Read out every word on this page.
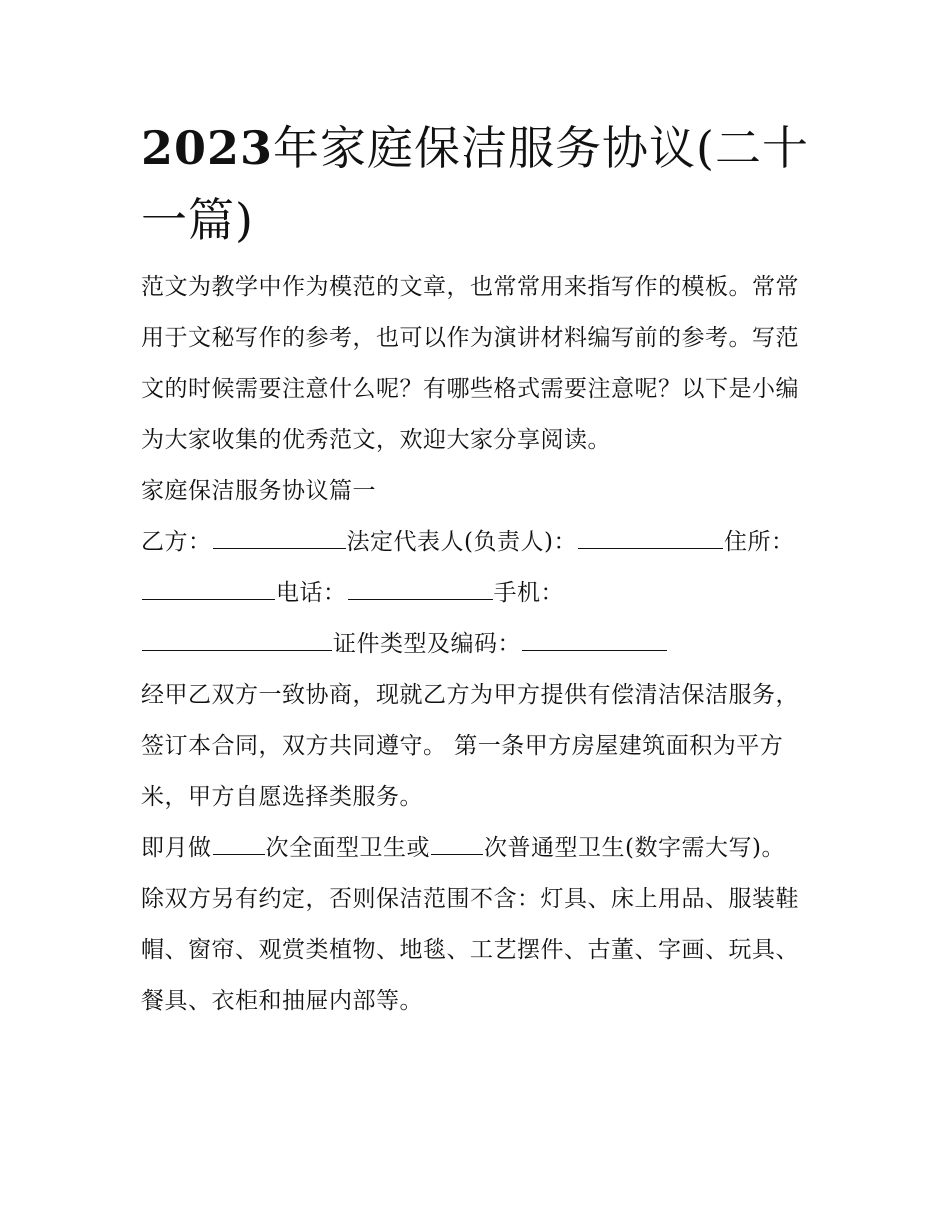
2023年家庭保洁服务协议(二十一篇)

范文为教学中作为模范的文章，也常常用来指写作的模板。常常用于文秘写作的参考，也可以作为演讲材料编写前的参考。写范文的时候需要注意什么呢？有哪些格式需要注意呢？以下是小编为大家收集的优秀范文，欢迎大家分享阅读。

家庭保洁服务协议篇一

乙方：	法定代表人(负责人)：	住所：电话：	手机：
证件类型及编码：

经甲乙双方一致协商，现就乙方为甲方提供有偿清洁保洁服务，签订本合同，双方共同遵守。 第一条甲方房屋建筑面积为平方米，甲方自愿选择类服务。

即月做 次全面型卫生或 次普通型卫生(数字需大写)。

除双方另有约定，否则保洁范围不含：灯具、床上用品、服装鞋帽、窗帘、观赏类植物、地毯、工艺摆件、古董、字画、玩具、餐具、衣柜和抽屉内部等。
